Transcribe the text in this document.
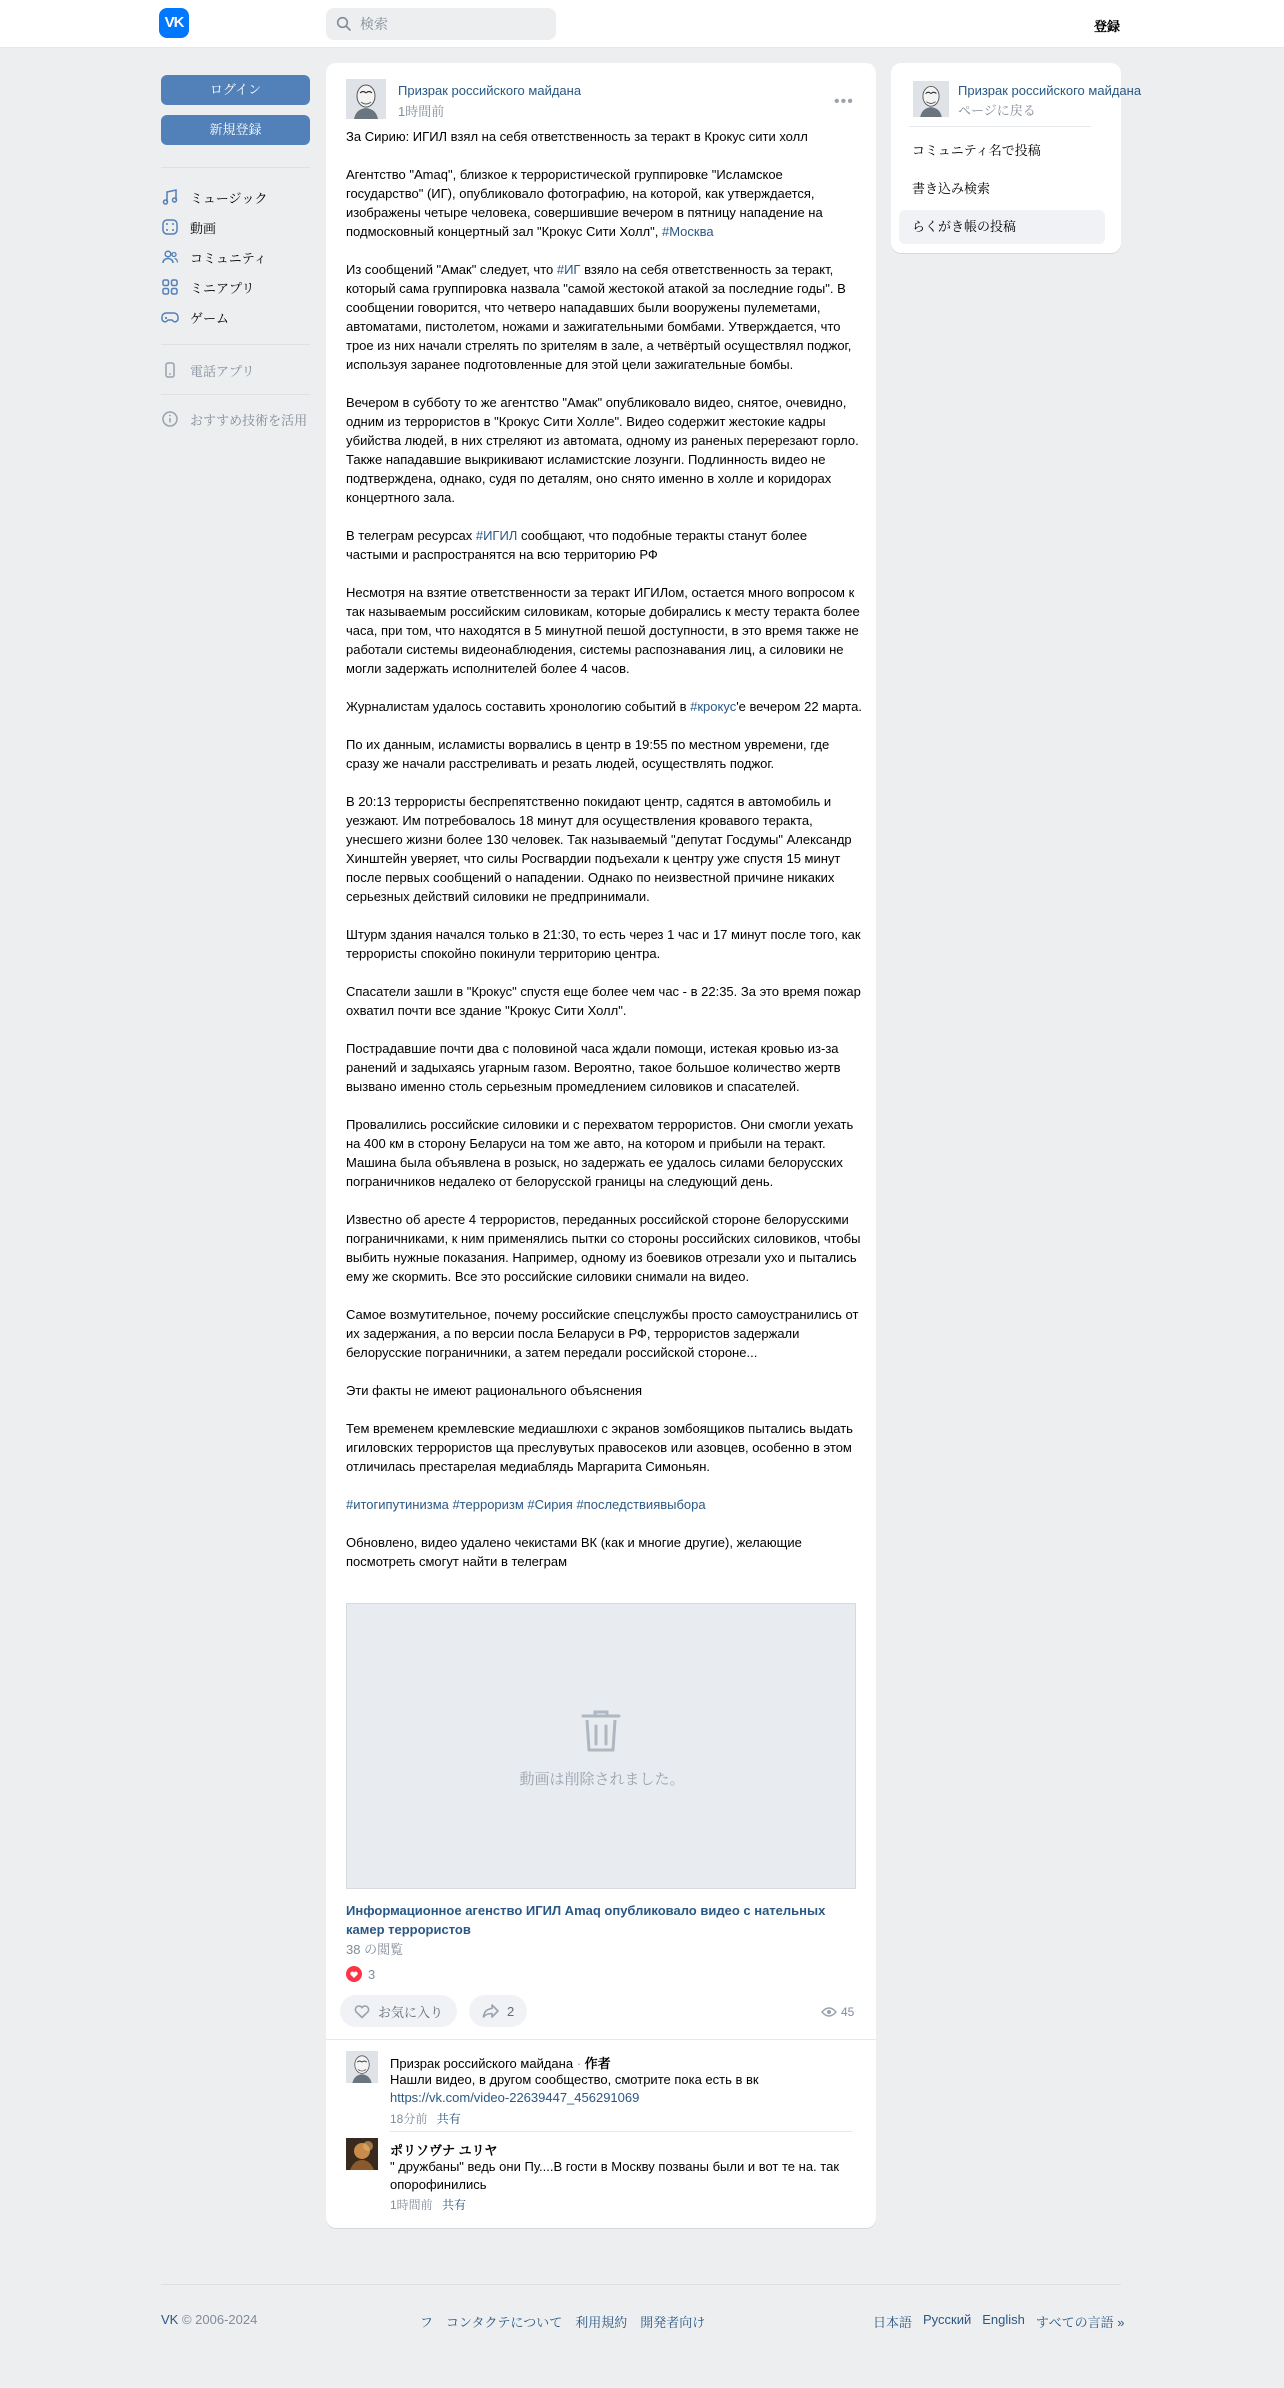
VK
検索	登録
ログイン
新規登録
ミュージック
動画
コミュニティ
ミニアプリ
ゲーム
電話アプリ
おすすめ技術を活用
Призрак российского майдана
1時間前
•••

За Сирию: ИГИЛ взял на себя ответственность за теракт в Крокус сити холл

Агентство "Amaq", близкое к террористической группировке "Исламское государство" (ИГ), опубликовало фотографию, на которой, как утверждается, изображены четыре человека, совершившие вечером в пятницу нападение на подмосковный концертный зал "Крокус Сити Холл", #Москва

Из сообщений "Амак" следует, что #ИГ взяло на себя ответственность за теракт, который сама группировка назвала "самой жестокой атакой за последние годы". В сообщении говорится, что четверо нападавших были вооружены пулеметами, автоматами, пистолетом, ножами и зажигательными бомбами. Утверждается, что трое из них начали стрелять по зрителям в зале, а четвёртый осуществлял поджог, используя заранее подготовленные для этой цели зажигательные бомбы.

Вечером в субботу то же агентство "Амак" опубликовало видео, снятое, очевидно, одним из террористов в "Крокус Сити Холле". Видео содержит жестокие кадры убийства людей, в них стреляют из автомата, одному из раненых перерезают горло. Также нападавшие выкрикивают исламистские лозунги. Подлинность видео не подтверждена, однако, судя по деталям, оно снято именно в холле и коридорах концертного зала.

В телеграм ресурсах #ИГИЛ сообщают, что подобные теракты станут более частыми и распространятся на всю территорию РФ

Несмотря на взятие ответственности за теракт ИГИЛом, остается много вопросом к так называемым российским силовикам, которые добирались к месту теракта более часа, при том, что находятся в 5 минутной пешой доступности, в это время также не работали системы видеонаблюдения, системы распознавания лиц, а силовики не могли задержать исполнителей более 4 часов.

Журналистам удалось составить хронологию событий в #крокус'е вечером 22 марта.

По их данным, исламисты ворвались в центр в 19:55 по местном увремени, где сразу же начали расстреливать и резать людей, осуществлять поджог.

В 20:13 террористы беспрепятственно покидают центр, садятся в автомобиль и уезжают. Им потребовалось 18 минут для осуществления кровавого теракта, унесшего жизни более 130 человек. Так называемый "депутат Госдумы" Александр Хинштейн уверяет, что силы Росгвардии подъехали к центру уже спустя 15 минут после первых сообщений о нападении. Однако по неизвестной причине никаких серьезных действий силовики не предпринимали.

Штурм здания начался только в 21:30, то есть через 1 час и 17 минут после того, как террористы спокойно покинули территорию центра.

Спасатели зашли в "Крокус" спустя еще более чем час - в 22:35. За это время пожар охватил почти все здание "Крокус Сити Холл".

Пострадавшие почти два с половиной часа ждали помощи, истекая кровью из-за ранений и задыхаясь угарным газом. Вероятно, такое большое количество жертв вызвано именно столь серьезным промедлением силовиков и спасателей.

Провалились российские силовики и с перехватом террористов. Они смогли уехать на 400 км в сторону Беларуси на том же авто, на котором и прибыли на теракт. Машина была объявлена в розыск, но задержать ее удалось силами белорусских пограничников недалеко от белорусской границы на следующий день.

Известно об аресте 4 террористов, переданных российской стороне белорусскими пограничниками, к ним применялись пытки со стороны российских силовиков, чтобы выбить нужные показания. Например, одному из боевиков отрезали ухо и пытались ему же скормить. Все это российские силовики снимали на видео.

Самое возмутительное, почему российские спецслужбы просто самоустранились от их задержания, а по версии посла Беларуси в РФ, террористов задержали белорусские пограничники, а затем передали российской стороне...

Эти факты не имеют рационального объяснения

Тем временем кремлевские медиашлюхи с экранов зомбоящиков пытались выдать игиловских террористов ща преслувутых правосеков или азовцев, особенно в этом отличилась престарелая медиаблядь Маргарита Симоньян.

#итогипутинизма #терроризм #Сирия #последствиявыбора

Обновлено, видео удалено чекистами ВК (как и многие другие), желающие посмотреть смогут найти в телеграм

動画は削除されました。
Информационное агенство ИГИЛ Amaq опубликовало видео с нательных камер террористов
38 の閲覧
3
お気に入り	2	45
Призрак российского майдана · 作者
Нашли видео, в другом сообщество, смотрите пока есть в вк
https://vk.com/video-22639447_456291069
18分前 共有
ポリソヴナ ユリヤ
" дружбаны" ведь они Пу....В гости в Москву позваны были и вот те на. так опорофинились
1時間前 共有
Призрак российского майдана
ページに戻る
コミュニティ名で投稿
書き込み検索
らくがき帳の投稿
VK © 2006-2024	フ コンタクテについて 利用規約 開発者向け	日本語 Русский English すべての言語 »
